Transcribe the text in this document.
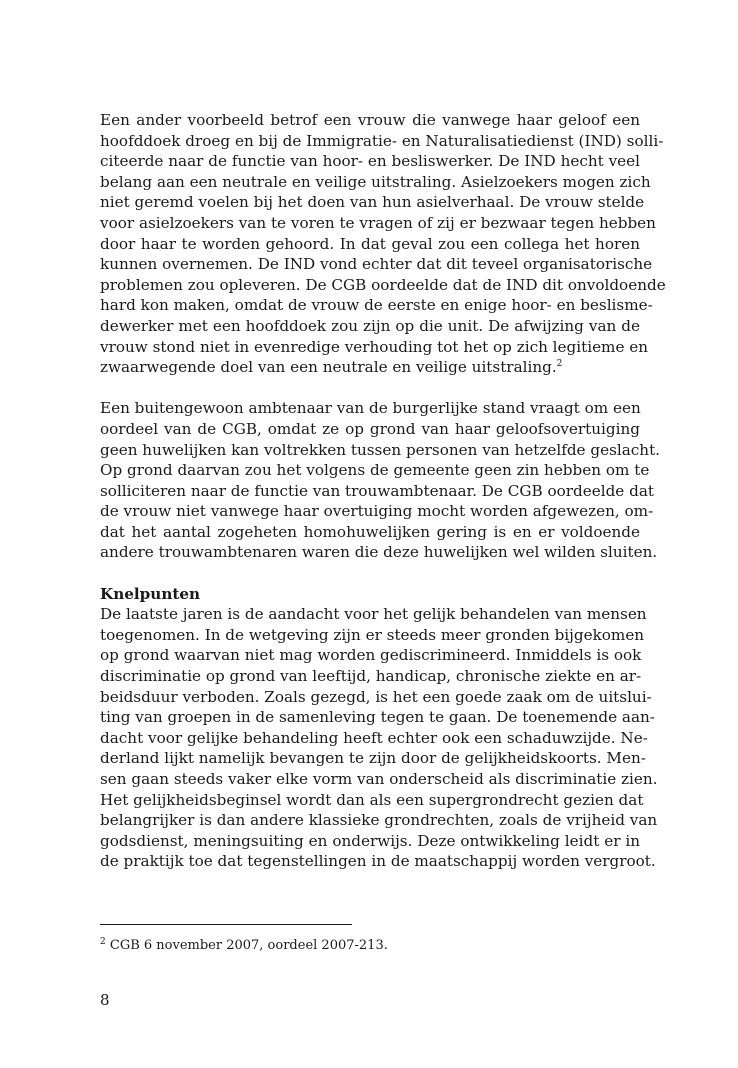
Een ander voorbeeld betrof een vrouw die vanwege haar geloof een
hoofddoek droeg en bij de Immigratie- en Naturalisatiedienst (IND) solli-
citeerde naar de functie van hoor- en besliswerker. De IND hecht veel
belang aan een neutrale en veilige uitstraling. Asielzoekers mogen zich
niet geremd voelen bij het doen van hun asielverhaal. De vrouw stelde
voor asielzoekers van te voren te vragen of zij er bezwaar tegen hebben
door haar te worden gehoord. In dat geval zou een collega het horen
kunnen overnemen. De IND vond echter dat dit teveel organisatorische
problemen zou opleveren. De CGB oordeelde dat de IND dit onvoldoende
hard kon maken, omdat de vrouw de eerste en enige hoor- en beslisme-
dewerker met een hoofddoek zou zijn op die unit. De afwijzing van de
vrouw stond niet in evenredige verhouding tot het op zich legitieme en
zwaarwegende doel van een neutrale en veilige uitstraling.$^2$
Een buitengewoon ambtenaar van de burgerlijke stand vraagt om een
oordeel van de CGB, omdat ze op grond van haar geloofsovertuiging
geen huwelijken kan voltrekken tussen personen van hetzelfde geslacht.
Op grond daarvan zou het volgens de gemeente geen zin hebben om te
solliciteren naar de functie van trouwambtenaar. De CGB oordeelde dat
de vrouw niet vanwege haar overtuiging mocht worden afgewezen, om-
dat het aantal zogeheten homohuwelijken gering is en er voldoende
andere trouwambtenaren waren die deze huwelijken wel wilden sluiten.
Knelpunten
De laatste jaren is de aandacht voor het gelijk behandelen van mensen
toegenomen. In de wetgeving zijn er steeds meer gronden bijgekomen
op grond waarvan niet mag worden gediscrimineerd. Inmiddels is ook
discriminatie op grond van leeftijd, handicap, chronische ziekte en ar-
beidsduur verboden. Zoals gezegd, is het een goede zaak om de uitslui-
ting van groepen in de samenleving tegen te gaan. De toenemende aan-
dacht voor gelijke behandeling heeft echter ook een schaduwzijde. Ne-
derland lijkt namelijk bevangen te zijn door de gelijkheidskoorts. Men-
sen gaan steeds vaker elke vorm van onderscheid als discriminatie zien.
Het gelijkheidsbeginsel wordt dan als een supergrondrecht gezien dat
belangrijker is dan andere klassieke grondrechten, zoals de vrijheid van
godsdienst, meningsuiting en onderwijs. Deze ontwikkeling leidt er in
de praktijk toe dat tegenstellingen in de maatschappij worden vergroot.
$^2$ CGB 6 november 2007, oordeel 2007-213.
8
